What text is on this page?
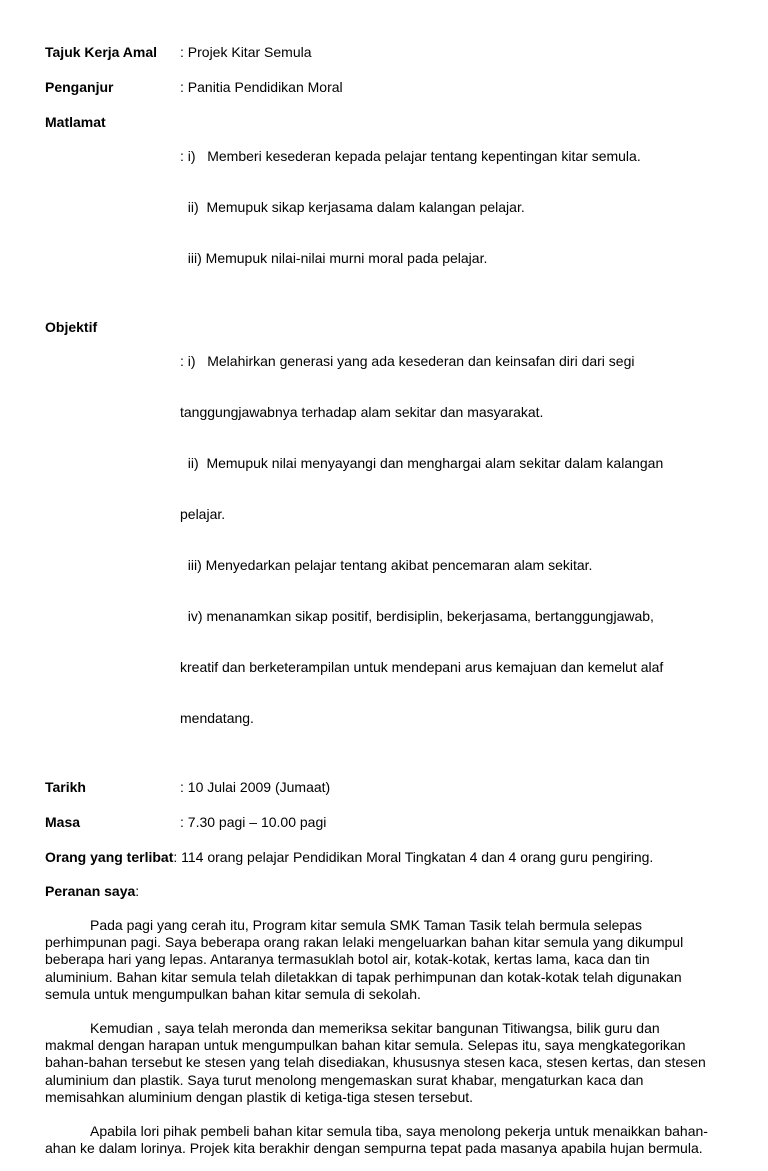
Tajuk Kerja Amal	: Projek Kitar Semula
Penganjur	: Panitia Pendidikan Moral
Matlamat

: i)   Memberi kesederan kepada pelajar tentang kepentingan kitar semula.

ii)  Memupuk sikap kerjasama dalam kalangan pelajar.

iii) Memupuk nilai-nilai murni moral pada pelajar.

Objektif

: i)   Melahirkan generasi yang ada kesederan dan keinsafan diri dari segi

tanggungjawabnya terhadap alam sekitar dan masyarakat.

ii)  Memupuk nilai menyayangi dan menghargai alam sekitar dalam kalangan

pelajar.

iii) Menyedarkan pelajar tentang akibat pencemaran alam sekitar.

iv) menanamkan sikap positif, berdisiplin, bekerjasama, bertanggungjawab,

kreatif dan berketerampilan untuk mendepani arus kemajuan dan kemelut alaf

mendatang.

Tarikh	: 10 Julai 2009 (Jumaat)
Masa	: 7.30 pagi – 10.00 pagi
Orang yang terlibat: 114 orang pelajar Pendidikan Moral Tingkatan 4 dan 4 orang guru pengiring.
Peranan saya:

Pada pagi yang cerah itu, Program kitar semula SMK Taman Tasik telah bermula selepas perhimpunan pagi. Saya beberapa orang rakan lelaki mengeluarkan bahan kitar semula yang dikumpul beberapa hari yang lepas. Antaranya termasuklah botol air, kotak-kotak, kertas lama, kaca dan tin aluminium. Bahan kitar semula telah diletakkan di tapak perhimpunan dan kotak-kotak telah digunakan semula untuk mengumpulkan bahan kitar semula di sekolah.

Kemudian , saya telah meronda dan memeriksa sekitar bangunan Titiwangsa, bilik guru dan makmal dengan harapan untuk mengumpulkan bahan kitar semula. Selepas itu, saya mengkategorikan bahan-bahan tersebut ke stesen yang telah disediakan, khususnya stesen kaca, stesen kertas, dan stesen aluminium dan plastik. Saya turut menolong mengemaskan surat khabar, mengaturkan kaca dan memisahkan aluminium dengan plastik di ketiga-tiga stesen tersebut.

Apabila lori pihak pembeli bahan kitar semula tiba, saya menolong pekerja untuk menaikkan bahan-ahan ke dalam lorinya. Projek kita berakhir dengan sempurna tepat pada masanya apabila hujan bermula.
